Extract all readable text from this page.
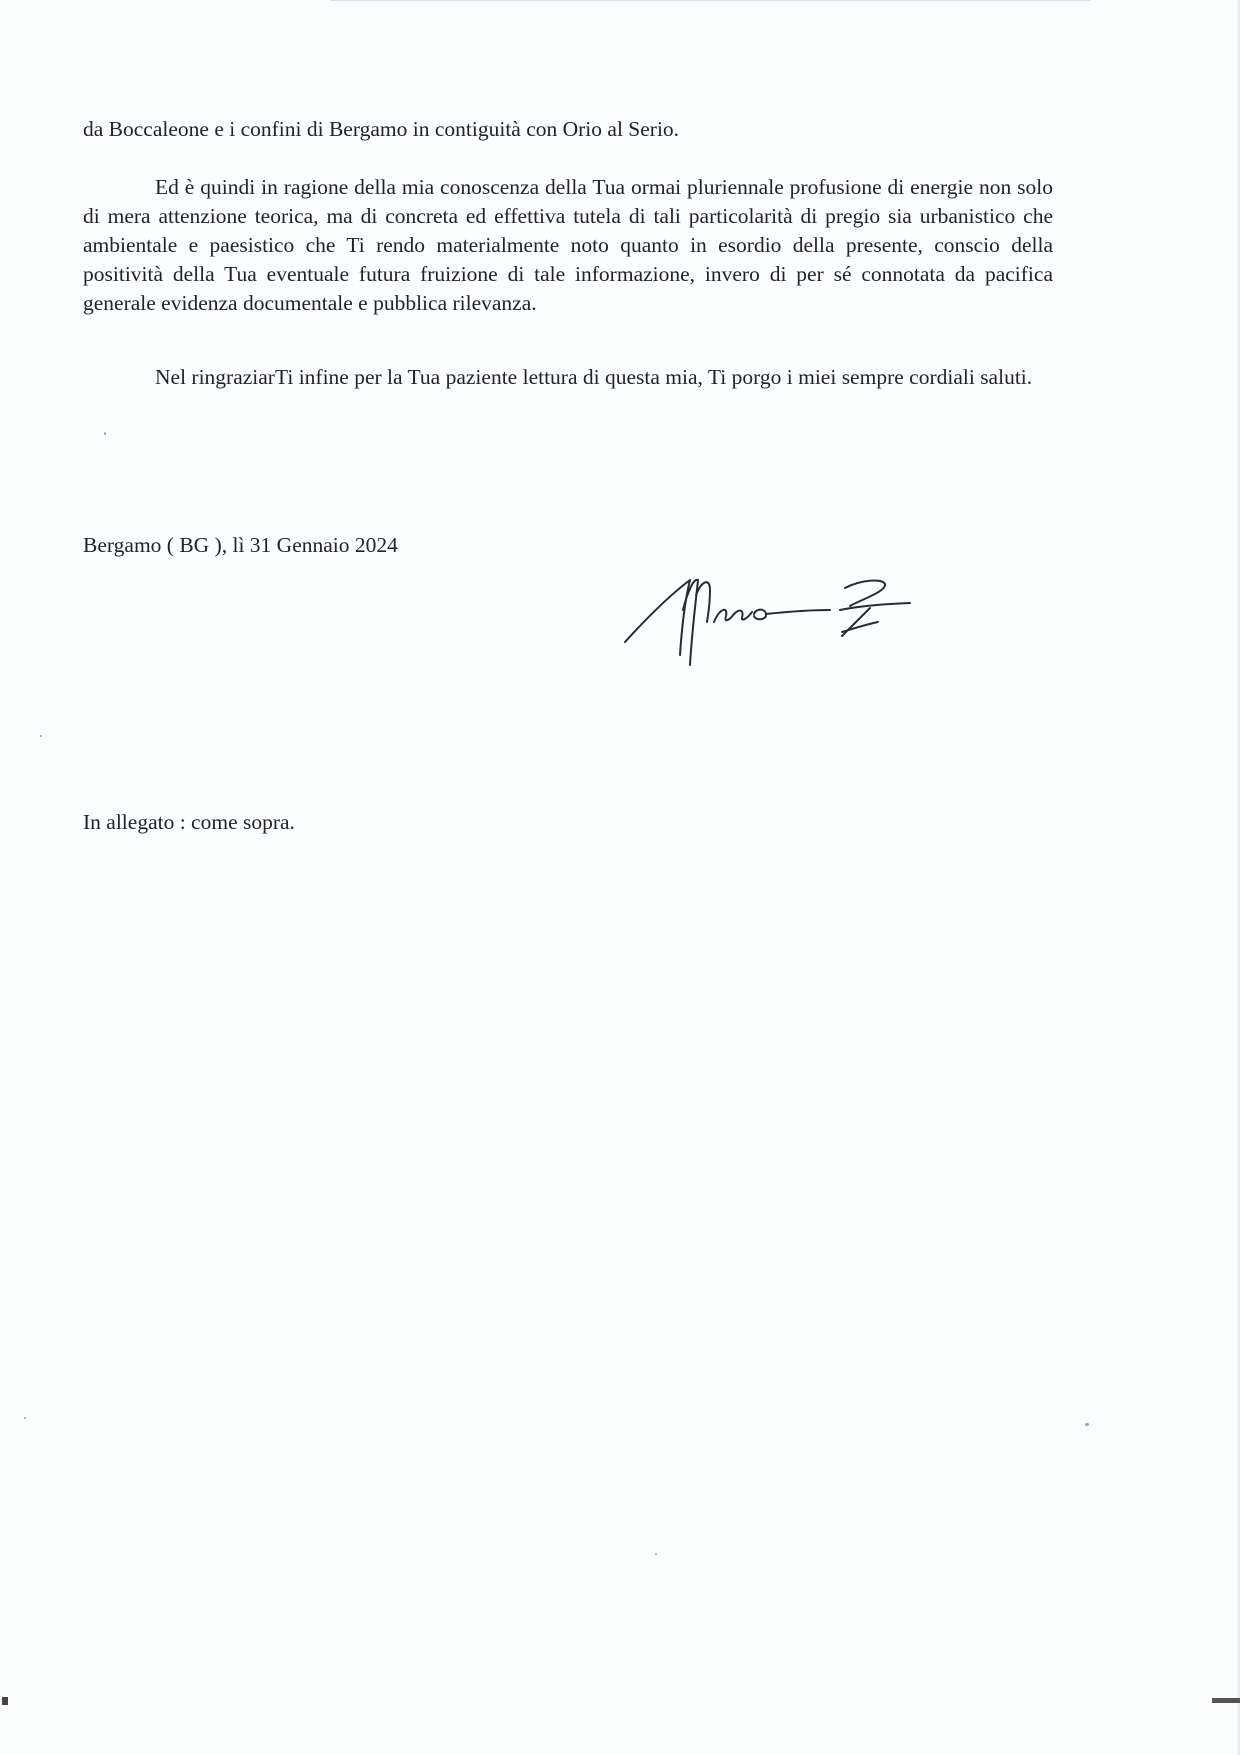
da Boccaleone e i confini di Bergamo in contiguità con Orio al Serio.

Ed è quindi in ragione della mia conoscenza della Tua ormai pluriennale profusione di energie non solo di mera attenzione teorica, ma di concreta ed effettiva tutela di tali particolarità di pregio sia urbanistico che ambientale e paesistico che Ti rendo materialmente noto quanto in esordio della presente, conscio della positività della Tua eventuale futura fruizione di tale informazione, invero di per sé connotata da pacifica generale evidenza documentale e pubblica rilevanza.

Nel ringraziarTi infine per la Tua paziente lettura di questa mia, Ti porgo i miei sempre cordiali saluti.

Bergamo ( BG ), lì 31 Gennaio 2024

In allegato : come sopra.
